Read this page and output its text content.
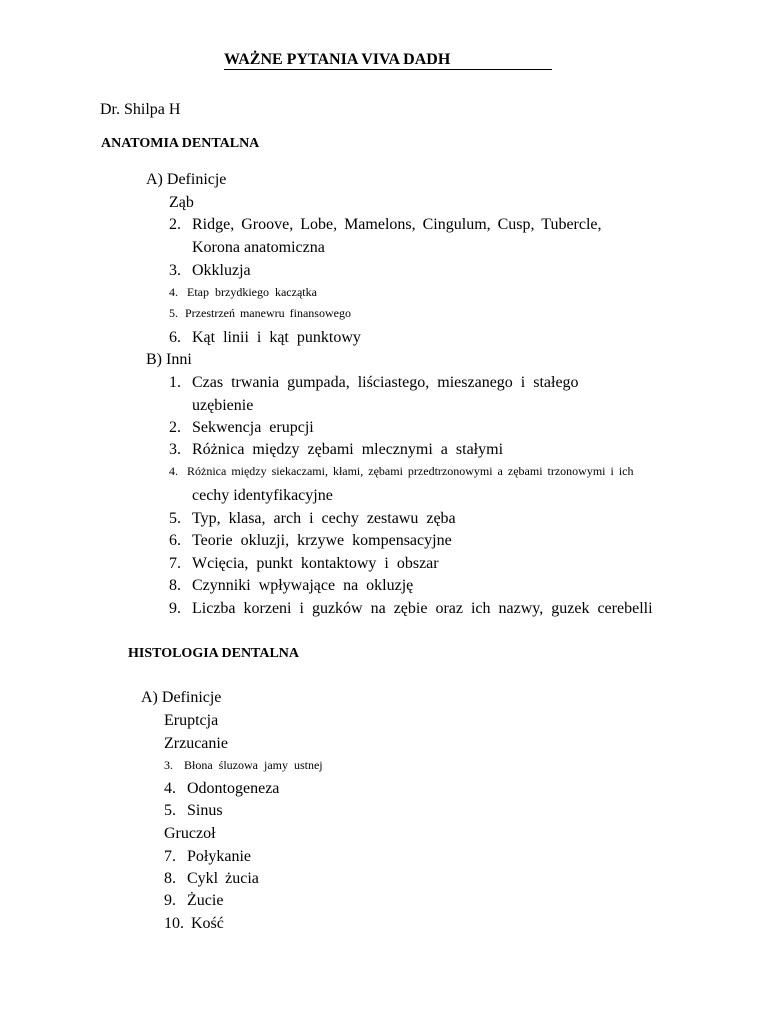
WAŻNE PYTANIA VIVA DADH
Dr. Shilpa H
ANATOMIA DENTALNA
A) Definicje
Ząb
2. Ridge, Groove, Lobe, Mamelons, Cingulum, Cusp, Tubercle,
Korona anatomiczna
3. Okkluzja
4. Etap brzydkiego kaczątka
5. Przestrzeń manewru finansowego
6. Kąt linii i kąt punktowy
B) Inni
1. Czas trwania gumpada, liściastego, mieszanego i stałego
uzębienie
2. Sekwencja erupcji
3. Różnica między zębami mlecznymi a stałymi
4. Różnica między siekaczami, kłami, zębami przedtrzonowymi a zębami trzonowymi i ich
cechy identyfikacyjne
5. Typ, klasa, arch i cechy zestawu zęba
6. Teorie okluzji, krzywe kompensacyjne
7. Wcięcia, punkt kontaktowy i obszar
8. Czynniki wpływające na okluzję
9. Liczba korzeni i guzków na zębie oraz ich nazwy, guzek cerebelli
HISTOLOGIA DENTALNA
A) Definicje
Eruptcja
Zrzucanie
3. Błona śluzowa jamy ustnej
4. Odontogeneza
5. Sinus
Gruczoł
7. Połykanie
8. Cykl żucia
9. Żucie
10. Kość
